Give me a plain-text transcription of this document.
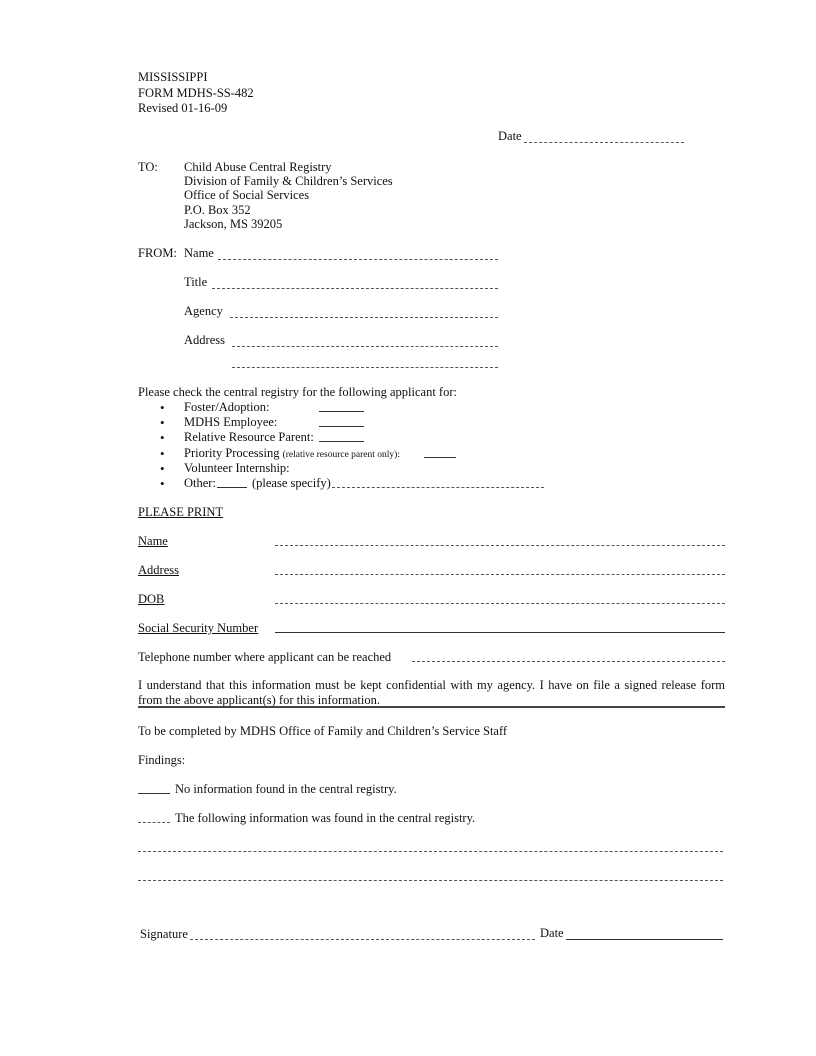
MISSISSIPPI
FORM MDHS-SS-482
Revised 01-16-09
Date
TO: Child Abuse Central Registry
Division of Family & Children’s Services
Office of Social Services
P.O. Box 352
Jackson, MS 39205
FROM: Name
Title
Agency
Address
Please check the central registry for the following applicant for:
• Foster/Adoption:
• MDHS Employee:
• Relative Resource Parent:
• Priority Processing (relative resource parent only):
• Volunteer Internship:
• Other:	(please specify)
PLEASE PRINT
Name
Address
DOB
Social Security Number
Telephone number where applicant can be reached
I understand that this information must be kept confidential with my agency. I have on file a signed release form from the above applicant(s) for this information.
To be completed by MDHS Office of Family and Children’s Service Staff
Findings:
No information found in the central registry.
The following information was found in the central registry.
Signature	Date
